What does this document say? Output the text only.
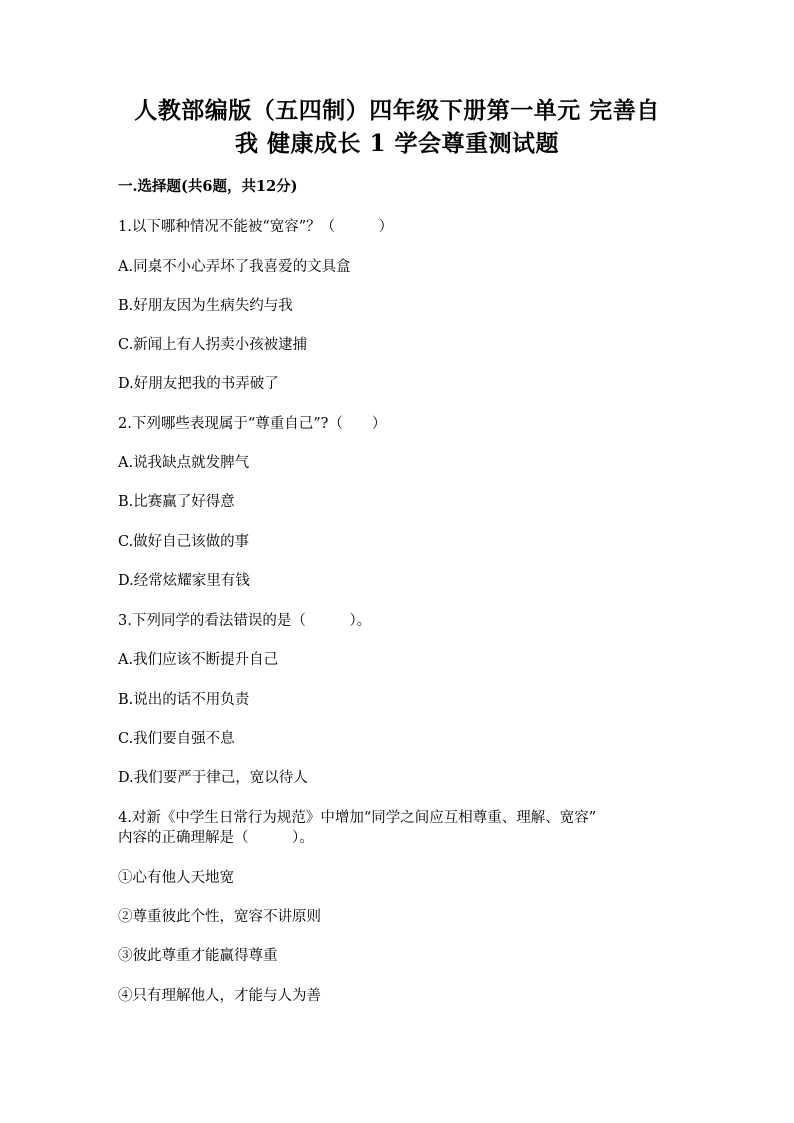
人教部编版（五四制）四年级下册第一单元 完善自
我 健康成长 1 学会尊重测试题
一.选择题(共6题，共12分)
1.以下哪种情况不能被“宽容”？（　　　）
A.同桌不小心弄坏了我喜爱的文具盒
B.好朋友因为生病失约与我
C.新闻上有人拐卖小孩被逮捕
D.好朋友把我的书弄破了
2.下列哪些表现属于“尊重自己”?（　　）
A.说我缺点就发脾气
B.比赛赢了好得意
C.做好自己该做的事
D.经常炫耀家里有钱
3.下列同学的看法错误的是（　　　）。
A.我们应该不断提升自己
B.说出的话不用负责
C.我们要自强不息
D.我们要严于律己，宽以待人
4.对新《中学生日常行为规范》中增加“同学之间应互相尊重、理解、宽容”
内容的正确理解是（　　　）。
①心有他人天地宽
②尊重彼此个性，宽容不讲原则
③彼此尊重才能赢得尊重
④只有理解他人，才能与人为善
